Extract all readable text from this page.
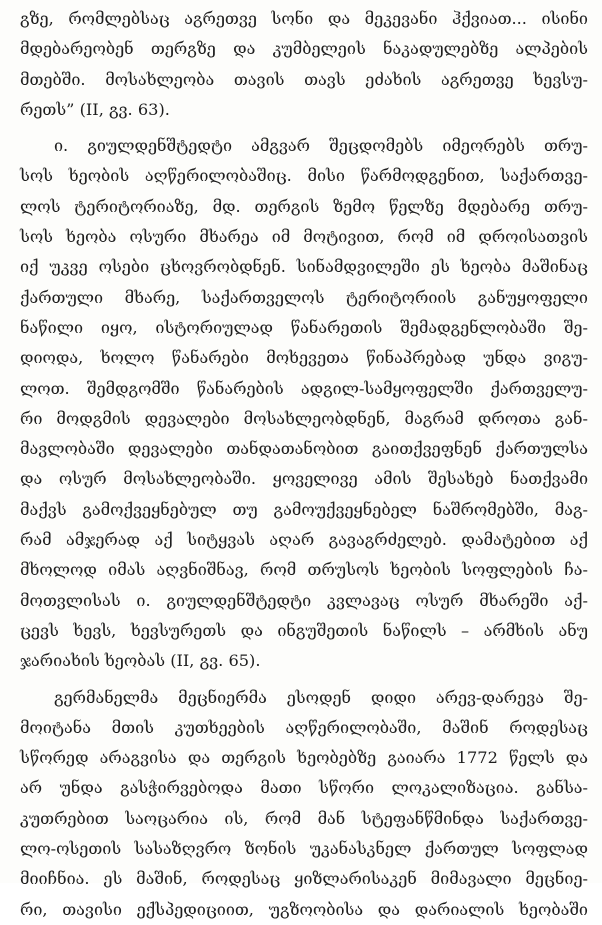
გზე, რომლებსაც აგრეთვე სონი და მეკევანი ჰქვიათ... ისინი
მდებარეობენ თერგზე და კუმბელეის ნაკადულებზე ალპების
მთებში. მოსახლეობა თავის თავს ეძახის აგრეთვე ხევსუ-
რეთს” (II, გვ. 63).
ი. გიულდენშტედტი ამგვარ შეცდომებს იმეორებს თრუ-
სოს ხეობის აღწერილობაშიც. მისი წარმოდგენით, საქართვე-
ლოს ტერიტორიაზე, მდ. თერგის ზემო წელზე მდებარე თრუ-
სოს ხეობა ოსური მხარეა იმ მოტივით, რომ იმ დროისათვის
იქ უკვე ოსები ცხოვრობდნენ. სინამდვილეში ეს ხეობა მაშინაც
ქართული მხარე, საქართველოს ტერიტორიის განუყოფელი
ნაწილი იყო, ისტორიულად წანარეთის შემადგენლობაში შე-
დიოდა, ხოლო წანარები მოხევეთა წინაპრებად უნდა ვიგუ-
ლოთ. შემდგომში წანარების ადგილ-სამყოფელში ქართველუ-
რი მოდგმის დევალები მოსახლეობდნენ, მაგრამ დროთა გან-
მავლობაში დევალები თანდათანობით გაითქვეფნენ ქართულსა
და ოსურ მოსახლეობაში. ყოველივე ამის შესახებ ნათქვამი
მაქვს გამოქვეყნებულ თუ გამოუქვეყნებელ ნაშრომებში, მაგ-
რამ ამჯერად აქ სიტყვას აღარ გავაგრძელებ. დამატებით აქ
მხოლოდ იმას აღვნიშნავ, რომ თრუსოს ხეობის სოფლების ჩა-
მოთვლისას ი. გიულდენშტედტი კვლავაც ოსურ მხარეში აქ-
ცევს ხევს, ხევსურეთს და ინგუშეთის ნაწილს – არმხის ანუ
ჯარიახის ხეობას (II, გვ. 65).
გერმანელმა მეცნიერმა ესოდენ დიდი არევ-დარევა შე-
მოიტანა მთის კუთხეების აღწერილობაში, მაშინ როდესაც
სწორედ არაგვისა და თერგის ხეობებზე გაიარა 1772 წელს და
არ უნდა გასჭირვებოდა მათი სწორი ლოკალიზაცია. განსა-
კუთრებით საოცარია ის, რომ მან სტეფანწმინდა საქართვე-
ლო-ოსეთის სასაზღვრო ზონის უკანასკნელ ქართულ სოფლად
მიიჩნია. ეს მაშინ, როდესაც ყიზლარისაკენ მიმავალი მეცნიე-
რი, თავისი ექსპედიციით, უგზოობისა და დარიალის ხეობაში
